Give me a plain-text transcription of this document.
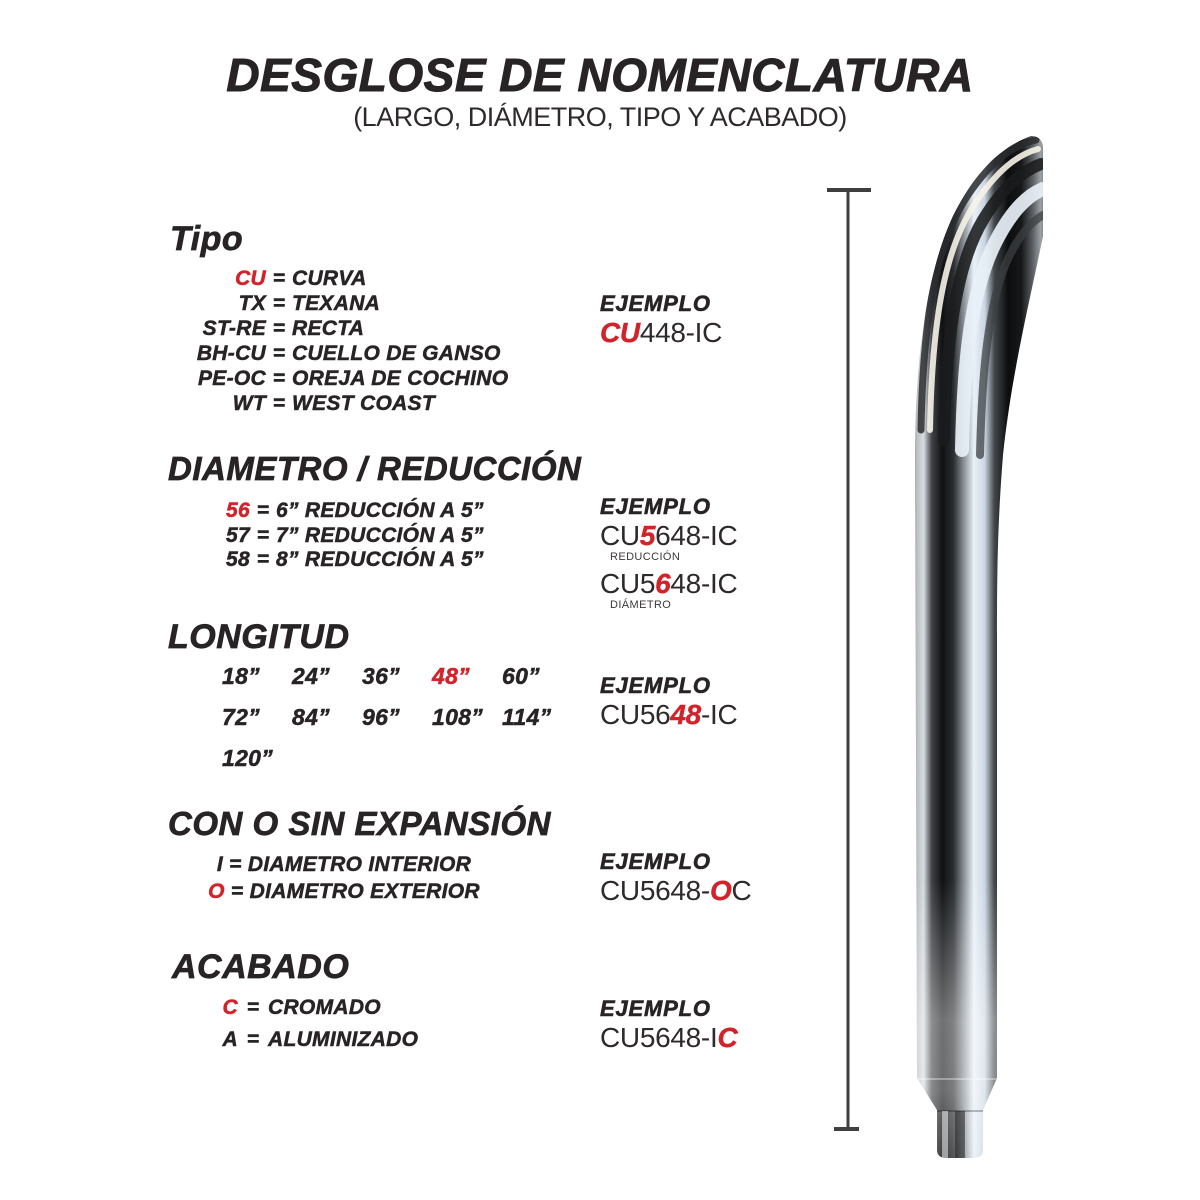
DESGLOSE DE NOMENCLATURA
(LARGO, DIÁMETRO, TIPO Y ACABADO)
Tipo
CU = CURVA
TX = TEXANA
ST-RE = RECTA
BH-CU = CUELLO DE GANSO
PE-OC = OREJA DE COCHINO
WT = WEST COAST
EJEMPLO
CU448-IC
DIAMETRO / REDUCCIÓN
56 = 6” REDUCCIÓN A 5”
57 = 7” REDUCCIÓN A 5”
58 = 8” REDUCCIÓN A 5”
EJEMPLO
CU5648-IC
REDUCCIÓN
CU5648-IC
DIÁMETRO
LONGITUD
18”	24”	36”	48”	60”
72”	84”	96”	108” 114”
120”
EJEMPLO
CU5648-IC
CON O SIN EXPANSIÓN
I = DIAMETRO INTERIOR
O = DIAMETRO EXTERIOR
EJEMPLO
CU5648-OC
ACABADO
C = CROMADO
A = ALUMINIZADO
EJEMPLO
CU5648-IC
